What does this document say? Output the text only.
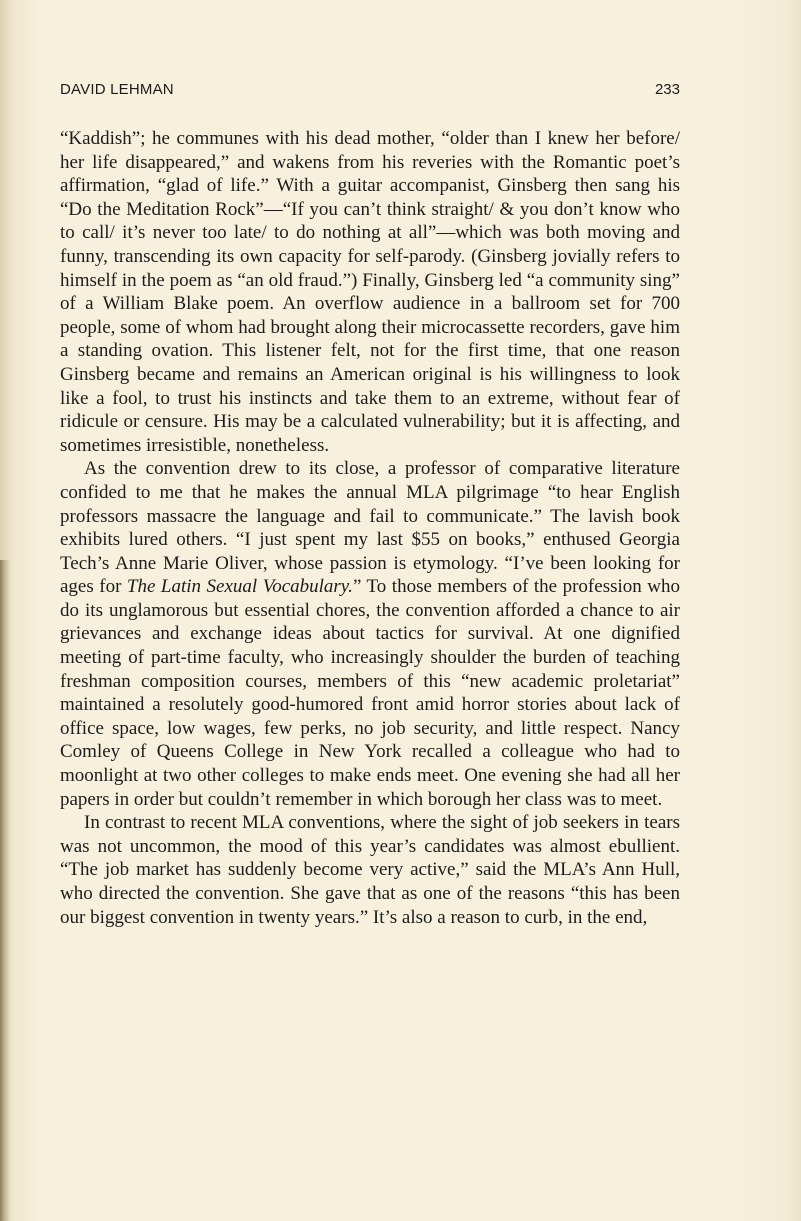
DAVID LEHMAN	233

“Kaddish”; he communes with his dead mother, “older than I knew her before/ her life disappeared,” and wakens from his reveries with the Romantic poet’s affirmation, “glad of life.” With a guitar accompanist, Ginsberg then sang his “Do the Meditation Rock”—“If you can’t think straight/ & you don’t know who to call/ it’s never too late/ to do nothing at all”—which was both moving and funny, transcending its own capacity for self-parody. (Ginsberg jovially refers to himself in the poem as “an old fraud.”) Finally, Ginsberg led “a community sing” of a William Blake poem. An overflow audience in a ballroom set for 700 people, some of whom had brought along their microcassette recorders, gave him a standing ovation. This listener felt, not for the first time, that one reason Ginsberg became and remains an American original is his willingness to look like a fool, to trust his instincts and take them to an extreme, without fear of ridicule or censure. His may be a calculated vulnerability; but it is affecting, and sometimes irresistible, nonetheless.

As the convention drew to its close, a professor of comparative literature confided to me that he makes the annual MLA pilgrimage “to hear English professors massacre the language and fail to communicate.” The lavish book exhibits lured others. “I just spent my last $55 on books,” enthused Georgia Tech’s Anne Marie Oliver, whose passion is etymology. “I’ve been looking for ages for The Latin Sexual Vocabulary.” To those members of the profession who do its unglamorous but essential chores, the convention afforded a chance to air grievances and exchange ideas about tactics for survival. At one dignified meeting of part-time faculty, who increasingly shoulder the burden of teaching freshman composition courses, members of this “new academic proletariat” maintained a resolutely good-humored front amid horror stories about lack of office space, low wages, few perks, no job security, and little respect. Nancy Comley of Queens College in New York recalled a colleague who had to moonlight at two other colleges to make ends meet. One evening she had all her papers in order but couldn’t remember in which borough her class was to meet.

In contrast to recent MLA conventions, where the sight of job seekers in tears was not uncommon, the mood of this year’s candidates was almost ebullient. “The job market has suddenly become very active,” said the MLA’s Ann Hull, who directed the convention. She gave that as one of the reasons “this has been our biggest convention in twenty years.” It’s also a reason to curb, in the end,
